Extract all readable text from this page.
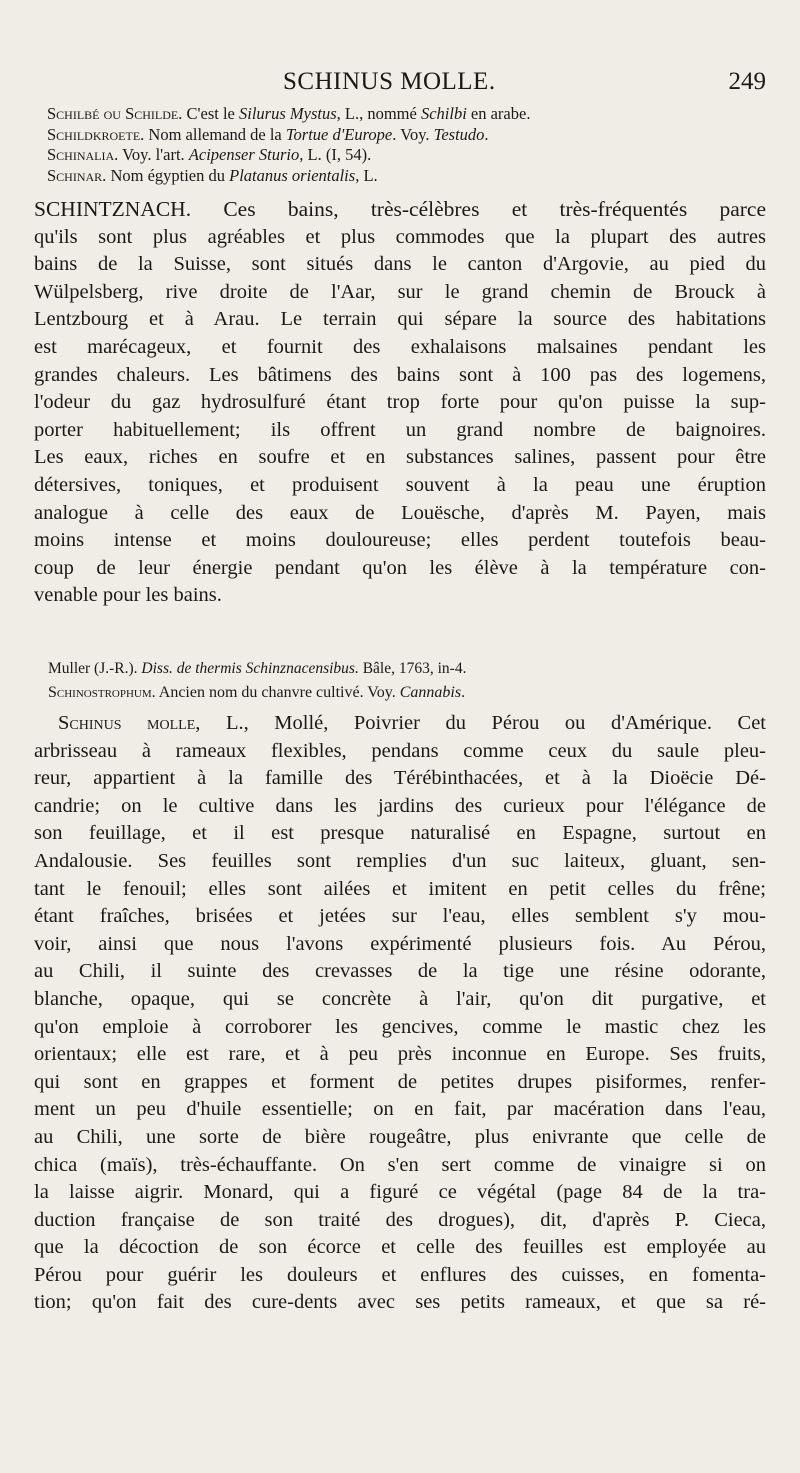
SCHINUS MOLLE.	249
Schilbé ou Schilde. C'est le Silurus Mystus, L., nommé Schilbi en arabe.
Schildkroete. Nom allemand de la Tortue d'Europe. Voy. Testudo.
Schinalia. Voy. l'art. Acipenser Sturio, L. (I, 54).
Schinar. Nom égyptien du Platanus orientalis, L.
SCHINTZNACH. Ces bains, très-célèbres et très-fréquentés parce
qu'ils sont plus agréables et plus commodes que la plupart des autres
bains de la Suisse, sont situés dans le canton d'Argovie, au pied du
Wülpelsberg, rive droite de l'Aar, sur le grand chemin de Brouck à
Lentzbourg et à Arau. Le terrain qui sépare la source des habitations
est marécageux, et fournit des exhalaisons malsaines pendant les
grandes chaleurs. Les bâtimens des bains sont à 100 pas des logemens,
l'odeur du gaz hydrosulfuré étant trop forte pour qu'on puisse la sup-
porter habituellement; ils offrent un grand nombre de baignoires.
Les eaux, riches en soufre et en substances salines, passent pour être
détersives, toniques, et produisent souvent à la peau une éruption
analogue à celle des eaux de Louësche, d'après M. Payen, mais
moins intense et moins douloureuse; elles perdent toutefois beau-
coup de leur énergie pendant qu'on les élève à la température con-
venable pour les bains.
Muller (J.-R.). Diss. de thermis Schinznacensibus. Bâle, 1763, in-4.
Schinostrophum. Ancien nom du chanvre cultivé. Voy. Cannabis.
Schinus molle, L., Mollé, Poivrier du Pérou ou d'Amérique. Cet
arbrisseau à rameaux flexibles, pendans comme ceux du saule pleu-
reur, appartient à la famille des Térébinthacées, et à la Dioëcie Dé-
candrie; on le cultive dans les jardins des curieux pour l'élégance de
son feuillage, et il est presque naturalisé en Espagne, surtout en
Andalousie. Ses feuilles sont remplies d'un suc laiteux, gluant, sen-
tant le fenouil; elles sont ailées et imitent en petit celles du frêne;
étant fraîches, brisées et jetées sur l'eau, elles semblent s'y mou-
voir, ainsi que nous l'avons expérimenté plusieurs fois. Au Pérou,
au Chili, il suinte des crevasses de la tige une résine odorante,
blanche, opaque, qui se concrète à l'air, qu'on dit purgative, et
qu'on emploie à corroborer les gencives, comme le mastic chez les
orientaux; elle est rare, et à peu près inconnue en Europe. Ses fruits,
qui sont en grappes et forment de petites drupes pisiformes, renfer-
ment un peu d'huile essentielle; on en fait, par macération dans l'eau,
au Chili, une sorte de bière rougeâtre, plus enivrante que celle de
chica (maïs), très-échauffante. On s'en sert comme de vinaigre si on
la laisse aigrir. Monard, qui a figuré ce végétal (page 84 de la tra-
duction française de son traité des drogues), dit, d'après P. Cieca,
que la décoction de son écorce et celle des feuilles est employée au
Pérou pour guérir les douleurs et enflures des cuisses, en fomenta-
tion; qu'on fait des cure-dents avec ses petits rameaux, et que sa ré-
